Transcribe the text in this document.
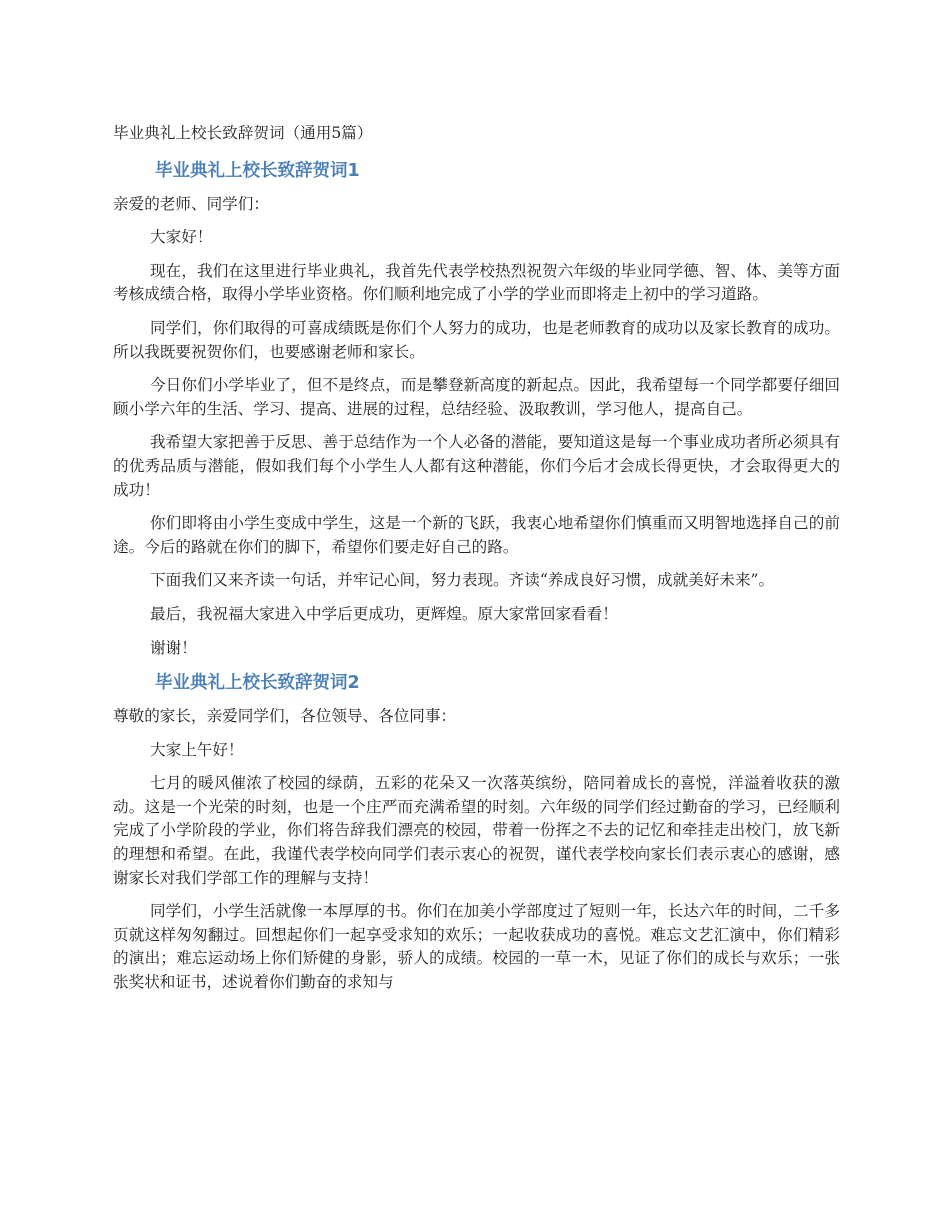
毕业典礼上校长致辞贺词（通用5篇）

毕业典礼上校长致辞贺词1

亲爱的老师、同学们：

大家好！

现在，我们在这里进行毕业典礼，我首先代表学校热烈祝贺六年级的毕业同学德、智、体、美等方面考核成绩合格，取得小学毕业资格。你们顺利地完成了小学的学业而即将走上初中的学习道路。

同学们，你们取得的可喜成绩既是你们个人努力的成功，也是老师教育的成功以及家长教育的成功。所以我既要祝贺你们，也要感谢老师和家长。

今日你们小学毕业了，但不是终点，而是攀登新高度的新起点。因此，我希望每一个同学都要仔细回顾小学六年的生活、学习、提高、进展的过程，总结经验、汲取教训，学习他人，提高自己。

我希望大家把善于反思、善于总结作为一个人必备的潜能，要知道这是每一个事业成功者所必须具有的优秀品质与潜能，假如我们每个小学生人人都有这种潜能，你们今后才会成长得更快，才会取得更大的成功！

你们即将由小学生变成中学生，这是一个新的飞跃，我衷心地希望你们慎重而又明智地选择自己的前途。今后的路就在你们的脚下，希望你们要走好自己的路。

下面我们又来齐读一句话，并牢记心间，努力表现。齐读“养成良好习惯，成就美好未来”。

最后，我祝福大家进入中学后更成功，更辉煌。原大家常回家看看！

谢谢！

毕业典礼上校长致辞贺词2

尊敬的家长，亲爱同学们，各位领导、各位同事：

大家上午好！

七月的暖风催浓了校园的绿荫，五彩的花朵又一次落英缤纷，陪同着成长的喜悦，洋溢着收获的激动。这是一个光荣的时刻，也是一个庄严而充满希望的时刻。六年级的同学们经过勤奋的学习，已经顺利完成了小学阶段的学业，你们将告辞我们漂亮的校园，带着一份挥之不去的记忆和牵挂走出校门，放飞新的理想和希望。在此，我谨代表学校向同学们表示衷心的祝贺，谨代表学校向家长们表示衷心的感谢，感谢家长对我们学部工作的理解与支持！

同学们，小学生活就像一本厚厚的书。你们在加美小学部度过了短则一年，长达六年的时间，二千多页就这样匆匆翻过。回想起你们一起享受求知的欢乐；一起收获成功的喜悦。难忘文艺汇演中，你们精彩的演出；难忘运动场上你们矫健的身影，骄人的成绩。校园的一草一木，见证了你们的成长与欢乐；一张张奖状和证书，述说着你们勤奋的求知与
